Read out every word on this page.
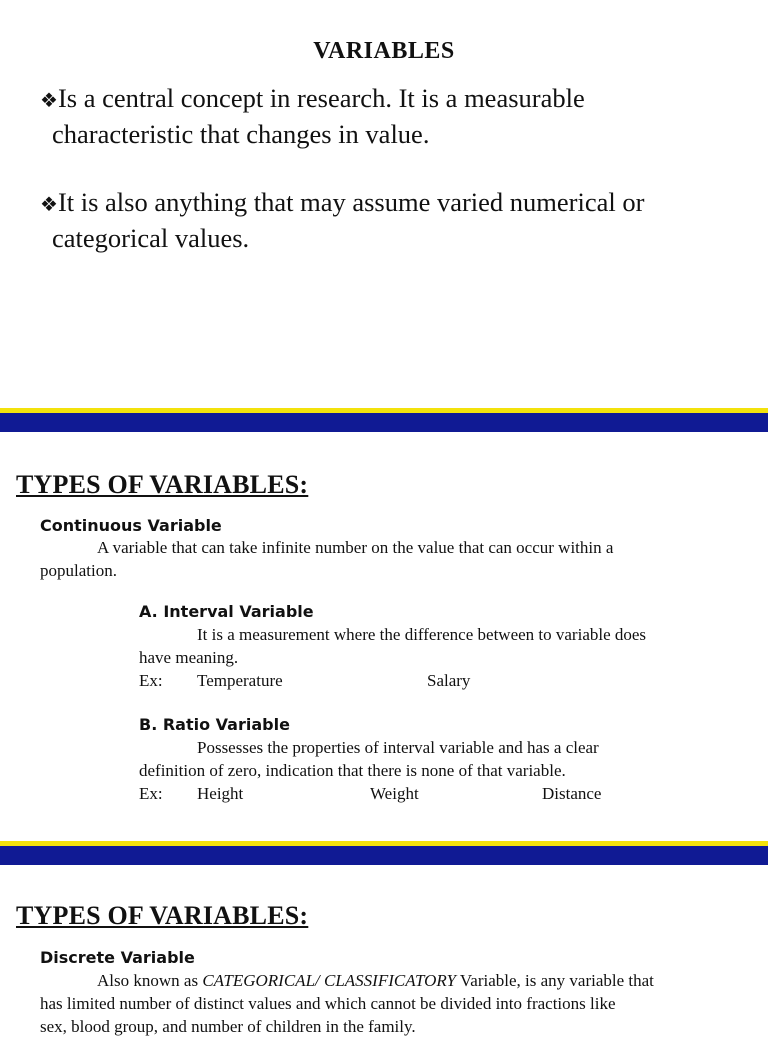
VARIABLES
❖Is a central concept in research. It is a measurable
characteristic that changes in value.
❖It is also anything that may assume varied numerical or
categorical values.
TYPES OF VARIABLES:
Continuous Variable
A variable that can take infinite number on the value that can occur within a
population.
A. Interval Variable
It is a measurement where the difference between to variable does
have meaning.
Ex: Temperature	Salary
B. Ratio Variable
Possesses the properties of interval variable and has a clear
definition of zero, indication that there is none of that variable.
Ex: Height	Weight	Distance
TYPES OF VARIABLES:
Discrete Variable
Also known as CATEGORICAL/ CLASSIFICATORY Variable, is any variable that
has limited number of distinct values and which cannot be divided into fractions like
sex, blood group, and number of children in the family.
